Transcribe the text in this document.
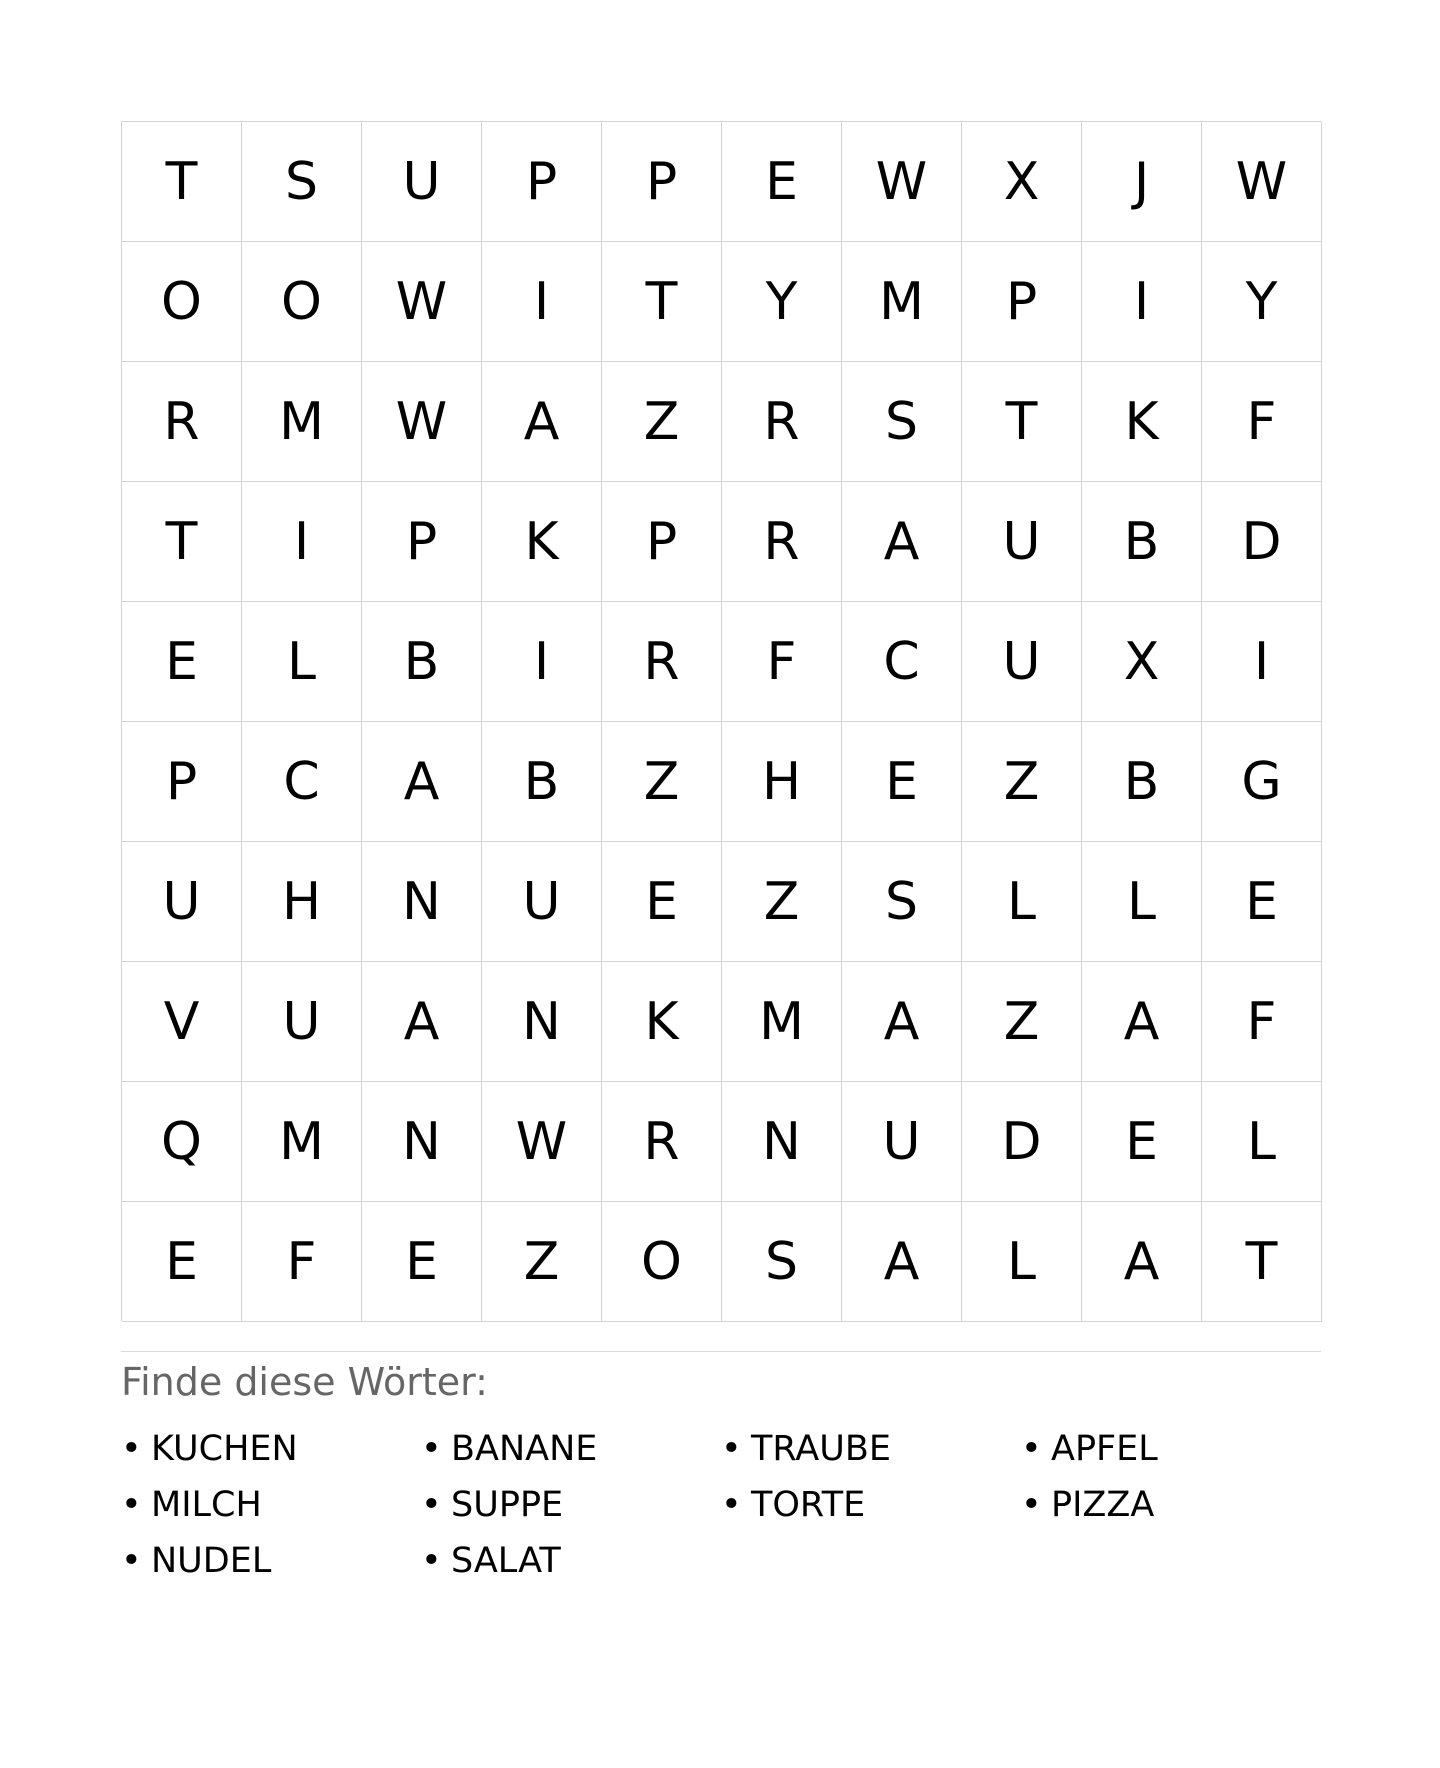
T	S	U	P	P	E	W	X	J	W
O	O	W	I	T	Y	M	P	I	Y
R	M	W	A	Z	R	S	T	K	F
T	I	P	K	P	R	A	U	B	D
E	L	B	I	R	F	C	U	X	I
P	C	A	B	Z	H	E	Z	B	G
U	H	N	U	E	Z	S	L	L	E
V	U	A	N	K	M	A	Z	A	F
Q	M	N	W	R	N	U	D	E	L
E	F	E	Z	O	S	A	L	A	T
Finde diese Wörter:
• KUCHEN	• BANANE	• TRAUBE	• APFEL
• MILCH	• SUPPE	• TORTE	• PIZZA
• NUDEL	• SALAT
